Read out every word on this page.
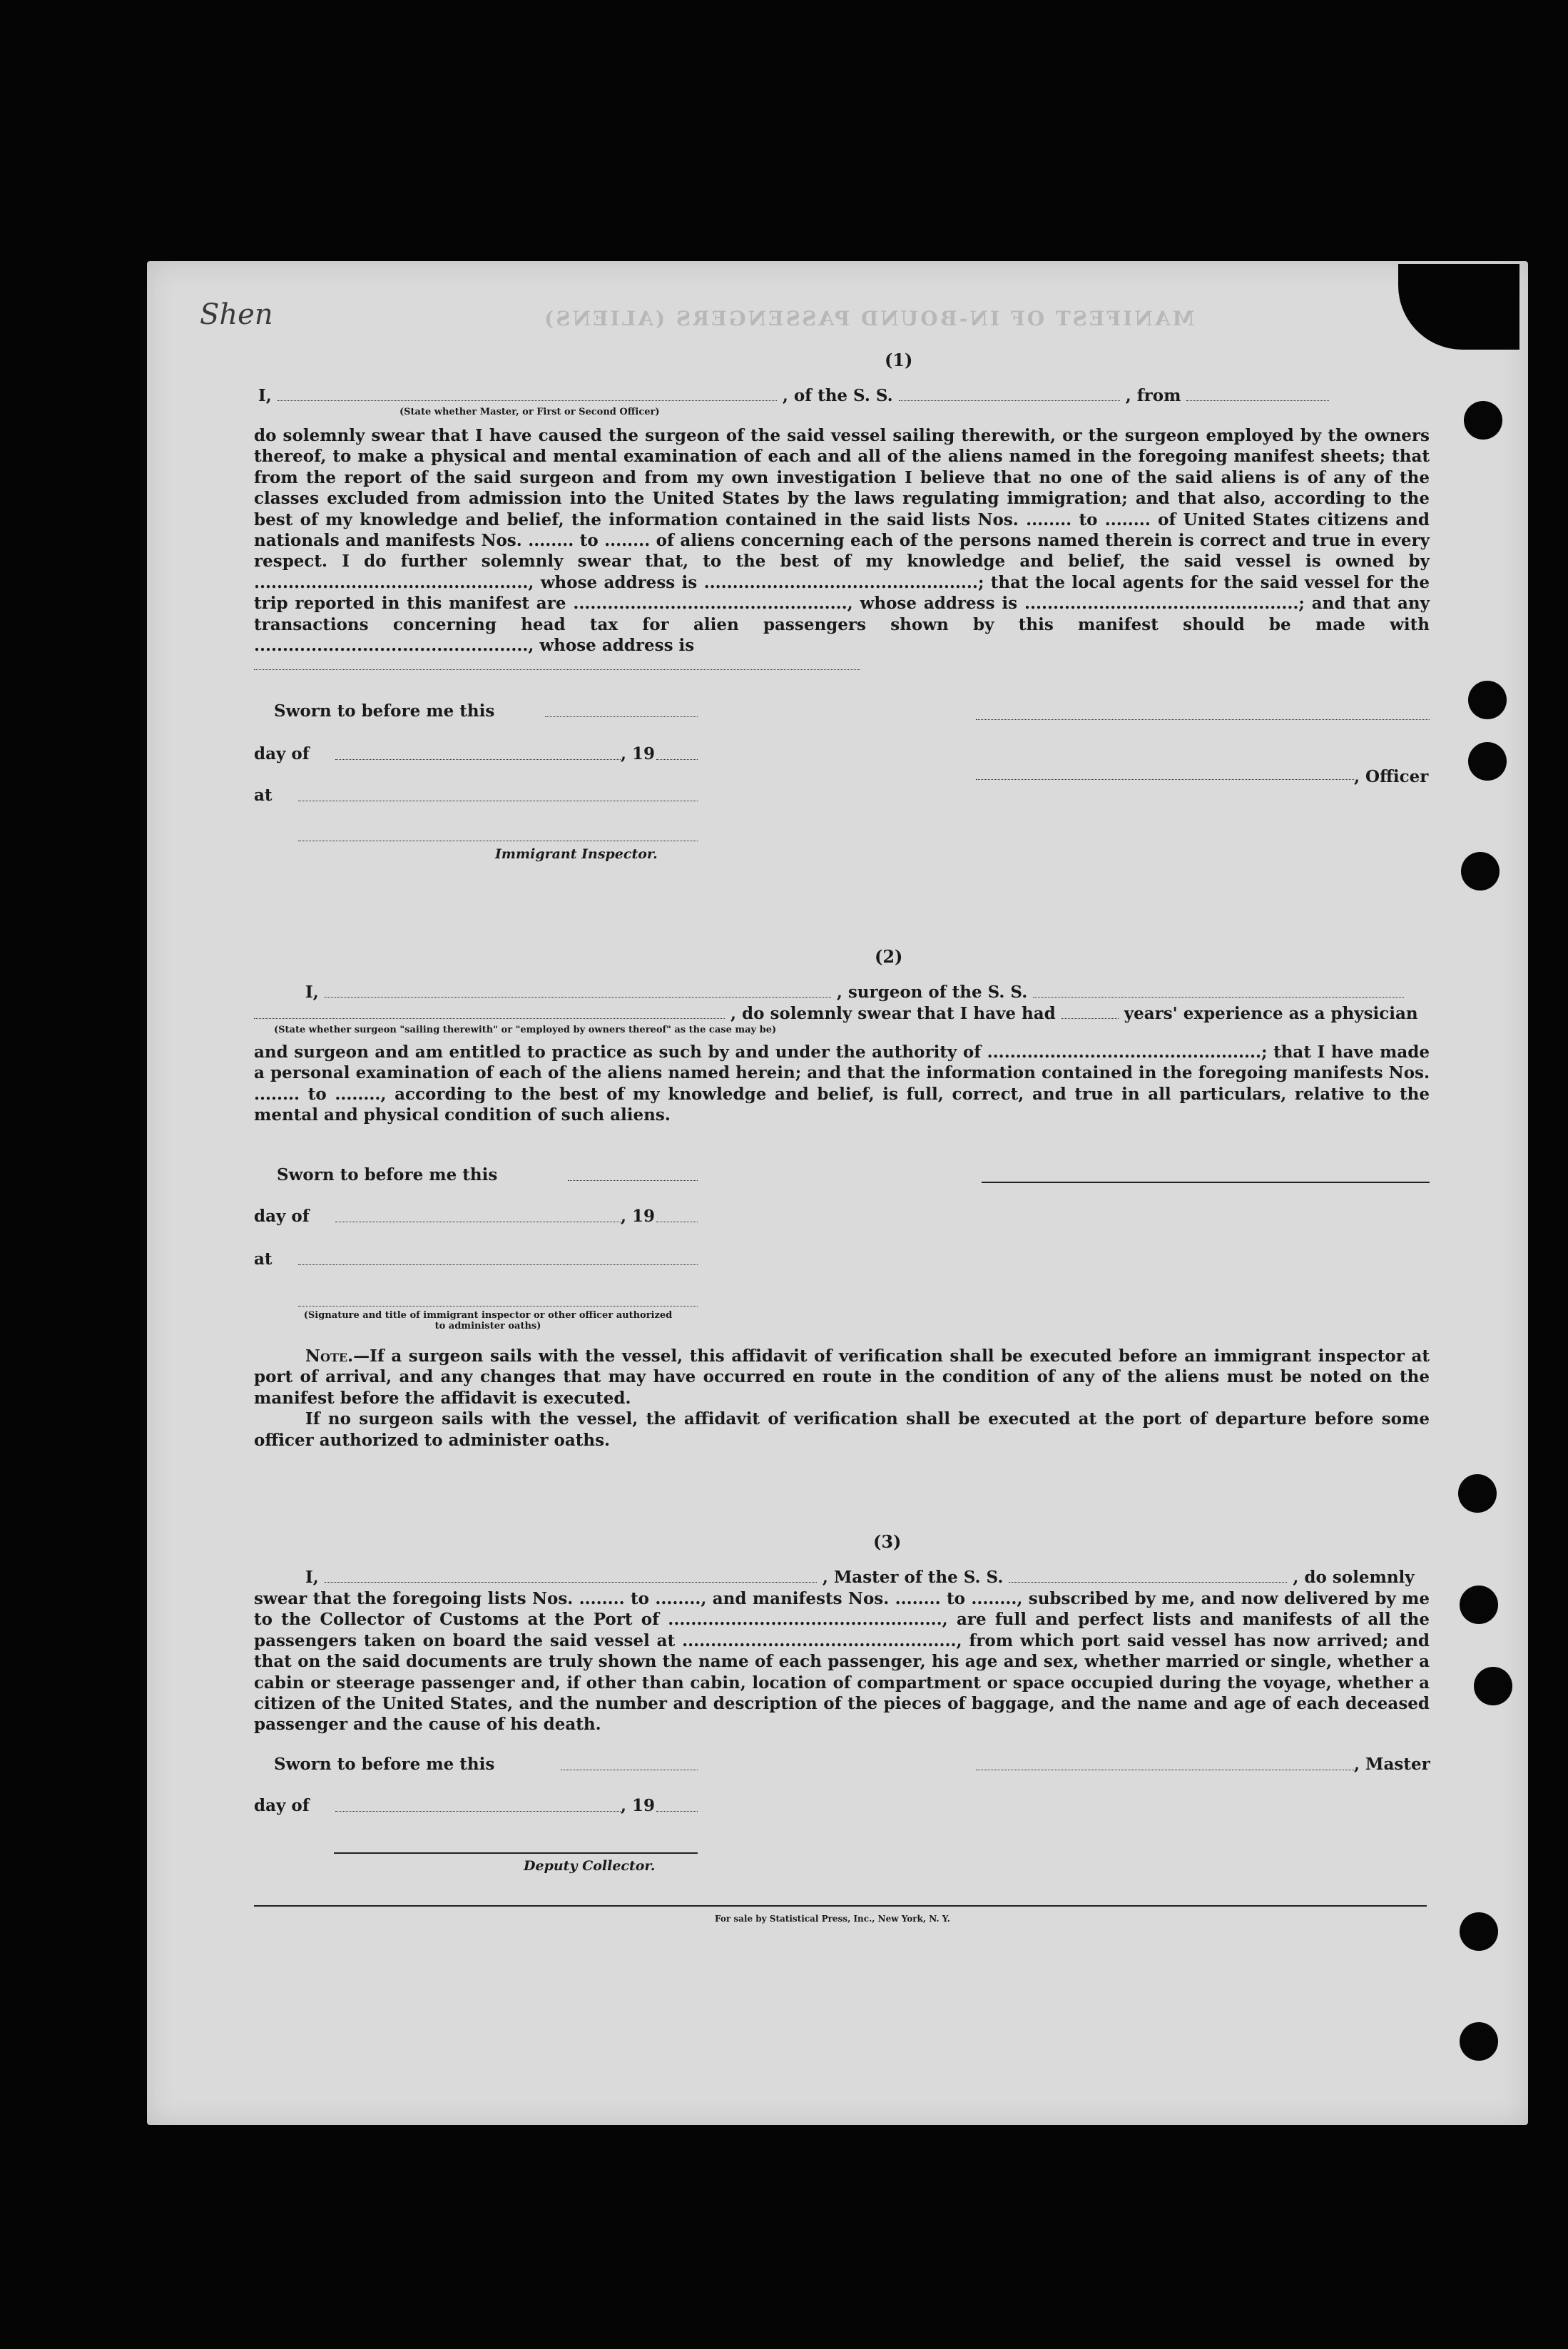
Shen	MANIFEST OF IN-BOUND PASSENGERS (ALIENS)
(1)
I,	, of the S. S.	, from
(State whether Master, or First or Second Officer)

do solemnly swear that I have caused the surgeon of the said vessel sailing therewith, or the surgeon employed by the owners thereof, to make a physical and mental examination of each and all of the aliens named in the foregoing manifest sheets; that from the report of the said surgeon and from my own investigation I believe that no one of the said aliens is of any of the classes excluded from admission into the United States by the laws regulating immigration; and that also, according to the best of my knowledge and belief, the information contained in the said lists Nos. ........ to ........ of United States citizens and nationals and manifests Nos. ........ to ........ of aliens concerning each of the persons named therein is correct and true in every respect. I do further solemnly swear that, to the best of my knowledge and belief, the said vessel is owned by ................................................, whose address is ................................................; that the local agents for the said vessel for the trip reported in this manifest are ................................................, whose address is ................................................; and that any transactions concerning head tax for alien passengers shown by this manifest should be made with ................................................, whose address is

Sworn to before me this
day of	, 19
, Officer
at
Immigrant Inspector.
(2)
I,	, surgeon of the S. S.
, do solemnly swear that I have had	years' experience as a physician
(State whether surgeon "sailing therewith" or "employed by owners thereof" as the case may be)

and surgeon and am entitled to practice as such by and under the authority of ................................................; that I have made a personal examination of each of the aliens named herein; and that the information contained in the foregoing manifests Nos. ........ to ........, according to the best of my knowledge and belief, is full, correct, and true in all particulars, relative to the mental and physical condition of such aliens.

Sworn to before me this
day of	, 19
at
(Signature and title of immigrant inspector or other officer authorized to administer oaths)

Note.—If a surgeon sails with the vessel, this affidavit of verification shall be executed before an immigrant inspector at port of arrival, and any changes that may have occurred en route in the condition of any of the aliens must be noted on the manifest before the affidavit is executed.

If no surgeon sails with the vessel, the affidavit of verification shall be executed at the port of departure before some officer authorized to administer oaths.

(3)
I,	, Master of the S. S.	, do solemnly

swear that the foregoing lists Nos. ........ to ........, and manifests Nos. ........ to ........, subscribed by me, and now delivered by me to the Collector of Customs at the Port of ................................................, are full and perfect lists and manifests of all the passengers taken on board the said vessel at ................................................, from which port said vessel has now arrived; and that on the said documents are truly shown the name of each passenger, his age and sex, whether married or single, whether a cabin or steerage passenger and, if other than cabin, location of compartment or space occupied during the voyage, whether a citizen of the United States, and the number and description of the pieces of baggage, and the name and age of each deceased passenger and the cause of his death.

Sworn to before me this	, Master
day of	, 19
Deputy Collector.
For sale by Statistical Press, Inc., New York, N. Y.
